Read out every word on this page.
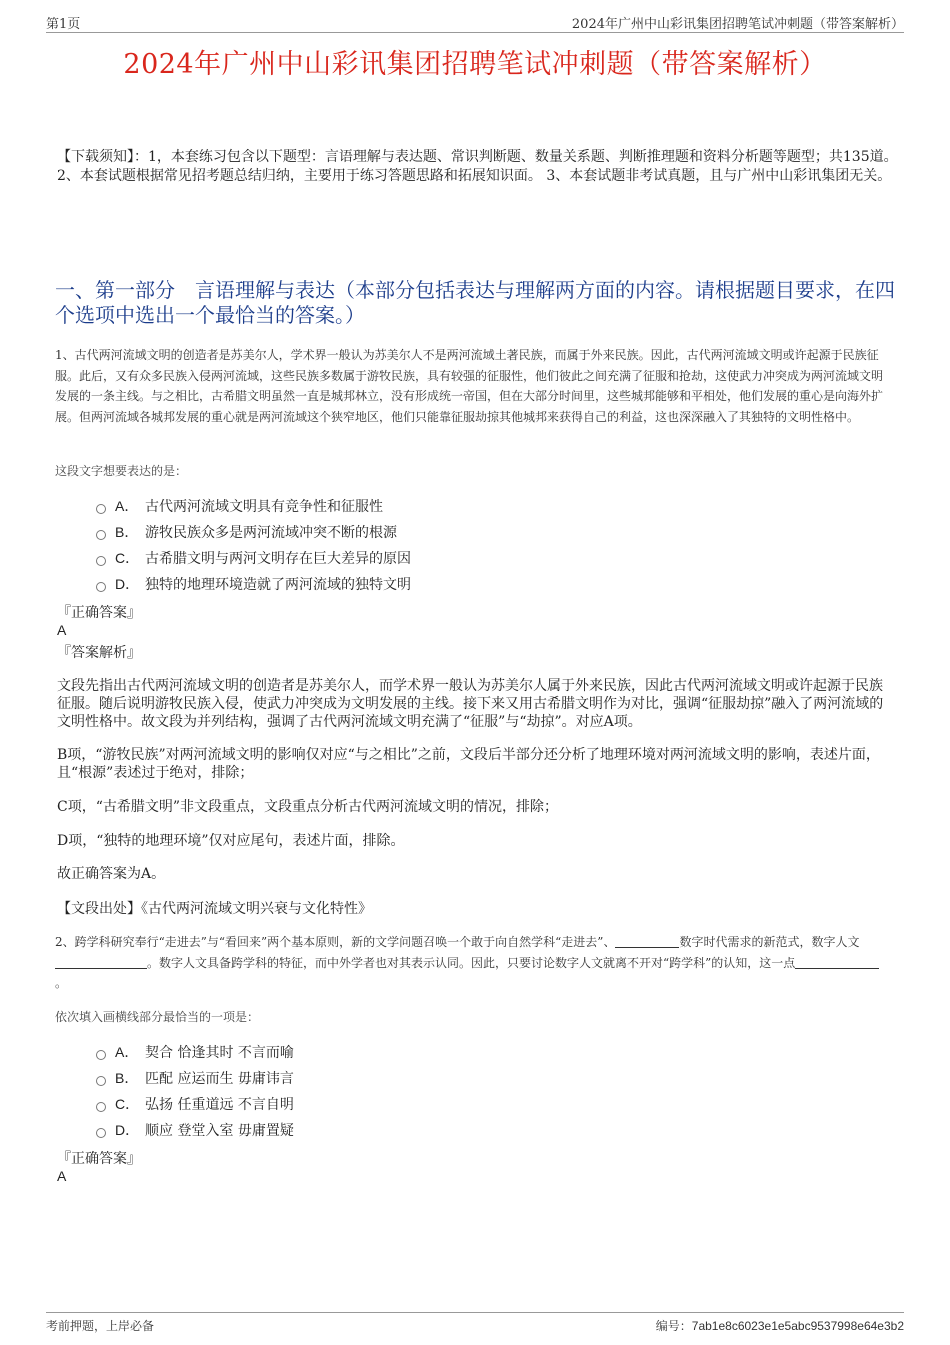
第1页	2024年广州中山彩讯集团招聘笔试冲刺题（带答案解析）
2024年广州中山彩讯集团招聘笔试冲刺题（带答案解析）
【下载须知】：1，本套练习包含以下题型：言语理解与表达题、常识判断题、数量关系题、判断推理题和资料分析题等题型；共135道。 2、本套试题根据常见招考题总结归纳，主要用于练习答题思路和拓展知识面。 3、本套试题非考试真题，且与广州中山彩讯集团无关。
一、第一部分　言语理解与表达（本部分包括表达与理解两方面的内容。请根据题目要求，在四个选项中选出一个最恰当的答案。）
1、古代两河流域文明的创造者是苏美尔人，学术界一般认为苏美尔人不是两河流域土著民族，而属于外来民族。因此，古代两河流域文明或许起源于民族征服。此后，又有众多民族入侵两河流域，这些民族多数属于游牧民族，具有较强的征服性，他们彼此之间充满了征服和抢劫，这使武力冲突成为两河流域文明发展的一条主线。与之相比，古希腊文明虽然一直是城邦林立，没有形成统一帝国，但在大部分时间里，这些城邦能够和平相处，他们发展的重心是向海外扩展。但两河流域各城邦发展的重心就是两河流域这个狭窄地区，他们只能靠征服劫掠其他城邦来获得自己的利益，这也深深融入了其独特的文明性格中。
这段文字想要表达的是：
A． 古代两河流域文明具有竞争性和征服性
B． 游牧民族众多是两河流域冲突不断的根源
C． 古希腊文明与两河文明存在巨大差异的原因
D． 独特的地理环境造就了两河流域的独特文明
『正确答案』
A
『答案解析』
文段先指出古代两河流域文明的创造者是苏美尔人，而学术界一般认为苏美尔人属于外来民族，因此古代两河流域文明或许起源于民族征服。随后说明游牧民族入侵，使武力冲突成为文明发展的主线。接下来又用古希腊文明作为对比，强调“征服劫掠”融入了两河流域的文明性格中。故文段为并列结构，强调了古代两河流域文明充满了“征服”与“劫掠”。对应A项。
B项，“游牧民族”对两河流域文明的影响仅对应“与之相比”之前，文段后半部分还分析了地理环境对两河流域文明的影响，表述片面，且“根源”表述过于绝对，排除；
C项，“古希腊文明”非文段重点，文段重点分析古代两河流域文明的情况，排除；
D项，“独特的地理环境”仅对应尾句，表述片面，排除。
故正确答案为A。
【文段出处】《古代两河流域文明兴衰与文化特性》
2、跨学科研究奉行“走进去”与“看回来”两个基本原则，新的文学问题召唤一个敢于向自然学科“走进去”、	数字时代需求的新范式，数字人文。数字人文具备跨学科的特征，而中外学者也对其表示认同。因此，只要讨论数字人文就离不开对“跨学科”的认知，这一点。
依次填入画横线部分最恰当的一项是：
A． 契合 恰逢其时 不言而喻
B． 匹配 应运而生 毋庸讳言
C． 弘扬 任重道远 不言自明
D． 顺应 登堂入室 毋庸置疑
『正确答案』
A
考前押题，上岸必备	编号：7ab1e8c6023e1e5abc9537998e64e3b2
